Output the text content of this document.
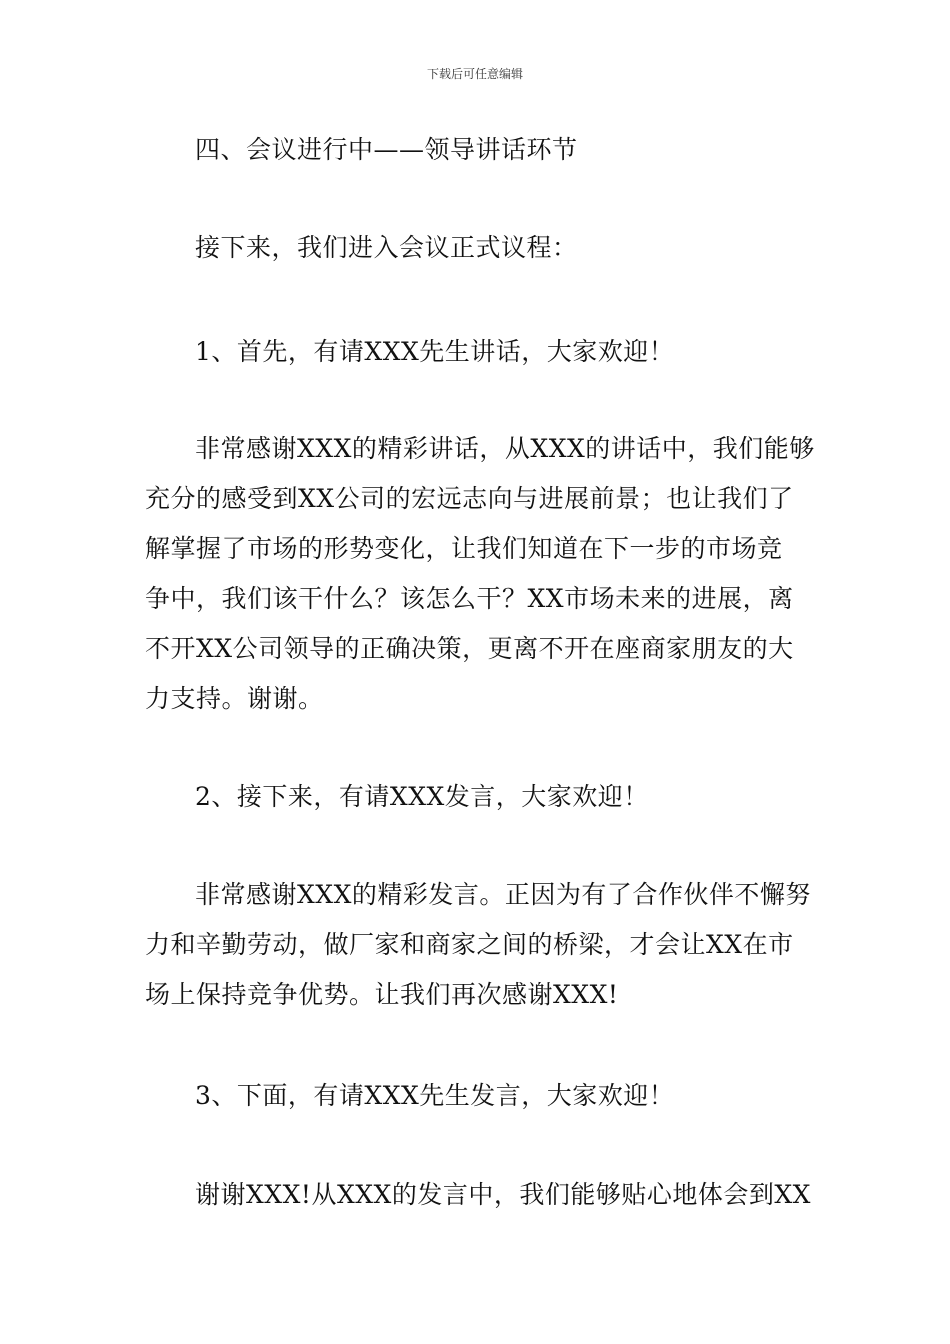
下载后可任意编辑

四、会议进行中——领导讲话环节

接下来，我们进入会议正式议程：

1、首先，有请XXX先生讲话，大家欢迎！

非常感谢XXX的精彩讲话，从XXX的讲话中，我们能够
充分的感受到XX公司的宏远志向与进展前景；也让我们了
解掌握了市场的形势变化，让我们知道在下一步的市场竞
争中，我们该干什么？该怎么干？XX市场未来的进展，离
不开XX公司领导的正确决策，更离不开在座商家朋友的大
力支持。谢谢。

2、接下来，有请XXX发言，大家欢迎！

非常感谢XXX的精彩发言。正因为有了合作伙伴不懈努
力和辛勤劳动，做厂家和商家之间的桥梁，才会让XX在市
场上保持竞争优势。让我们再次感谢XXX!

3、下面，有请XXX先生发言，大家欢迎！

谢谢XXX!从XXX的发言中，我们能够贴心地体会到XX
